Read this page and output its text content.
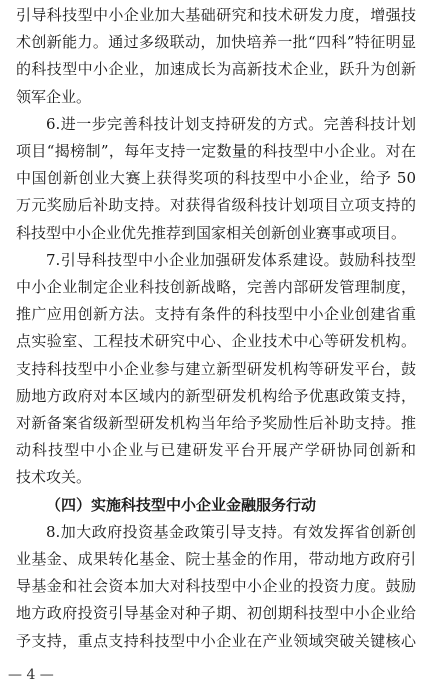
引导科技型中小企业加大基础研究和技术研发力度，增强技
术创新能力。通过多级联动，加快培养一批“四科”特征明显
的科技型中小企业，加速成长为高新技术企业，跃升为创新
领军企业。
6.进一步完善科技计划支持研发的方式。完善科技计划
项目“揭榜制”，每年支持一定数量的科技型中小企业。对在
中国创新创业大赛上获得奖项的科技型中小企业，给予 50
万元奖励后补助支持。对获得省级科技计划项目立项支持的
科技型中小企业优先推荐到国家相关创新创业赛事或项目。
7.引导科技型中小企业加强研发体系建设。鼓励科技型
中小企业制定企业科技创新战略，完善内部研发管理制度，
推广应用创新方法。支持有条件的科技型中小企业创建省重
点实验室、工程技术研究中心、企业技术中心等研发机构。
支持科技型中小企业参与建立新型研发机构等研发平台，鼓
励地方政府对本区域内的新型研发机构给予优惠政策支持，
对新备案省级新型研发机构当年给予奖励性后补助支持。推
动科技型中小企业与已建研发平台开展产学研协同创新和
技术攻关。
（四）实施科技型中小企业金融服务行动
8.加大政府投资基金政策引导支持。有效发挥省创新创
业基金、成果转化基金、院士基金的作用，带动地方政府引
导基金和社会资本加大对科技型中小企业的投资力度。鼓励
地方政府投资引导基金对种子期、初创期科技型中小企业给
予支持，重点支持科技型中小企业在产业领域突破关键核心
— 4 —
